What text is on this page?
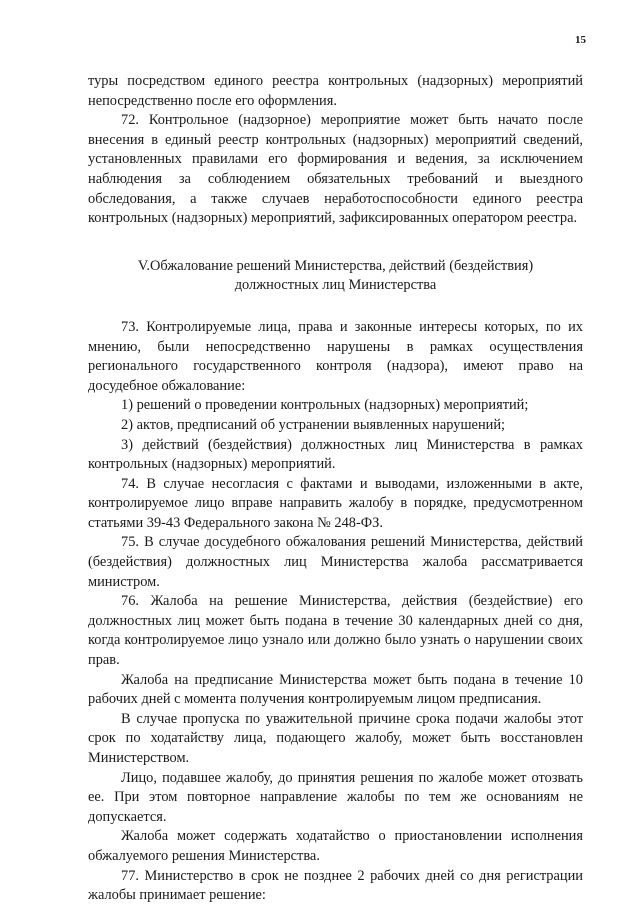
15

туры посредством единого реестра контрольных (надзорных) мероприятий непосредственно после его оформления.

72. Контрольное (надзорное) мероприятие может быть начато после внесения в единый реестр контрольных (надзорных) мероприятий сведений, установленных правилами его формирования и ведения, за исключением наблюдения за соблюдением обязательных требований и выездного обследования, а также случаев неработоспособности единого реестра контрольных (надзорных) мероприятий, зафиксированных оператором реестра.

V.Обжалование решений Министерства, действий (бездействия)
должностных лиц Министерства

73. Контролируемые лица, права и законные интересы которых, по их мнению, были непосредственно нарушены в рамках осуществления регионального государственного контроля (надзора), имеют право на досудебное обжалование:

1) решений о проведении контрольных (надзорных) мероприятий;

2) актов, предписаний об устранении выявленных нарушений;

3) действий (бездействия) должностных лиц Министерства в рамках контрольных (надзорных) мероприятий.

74. В случае несогласия с фактами и выводами, изложенными в акте, контролируемое лицо вправе направить жалобу в порядке, предусмотренном статьями 39-43 Федерального закона № 248-ФЗ.

75. В случае досудебного обжалования решений Министерства, действий (бездействия) должностных лиц Министерства жалоба рассматривается министром.

76. Жалоба на решение Министерства, действия (бездействие) его должностных лиц может быть подана в течение 30 календарных дней со дня, когда контролируемое лицо узнало или должно было узнать о нарушении своих прав.

Жалоба на предписание Министерства может быть подана в течение 10 рабочих дней с момента получения контролируемым лицом предписания.

В случае пропуска по уважительной причине срока подачи жалобы этот срок по ходатайству лица, подающего жалобу, может быть восстановлен Министерством.

Лицо, подавшее жалобу, до принятия решения по жалобе может отозвать ее. При этом повторное направление жалобы по тем же основаниям не допускается.

Жалоба может содержать ходатайство о приостановлении исполнения обжалуемого решения Министерства.

77. Министерство в срок не позднее 2 рабочих дней со дня регистрации жалобы принимает решение:
